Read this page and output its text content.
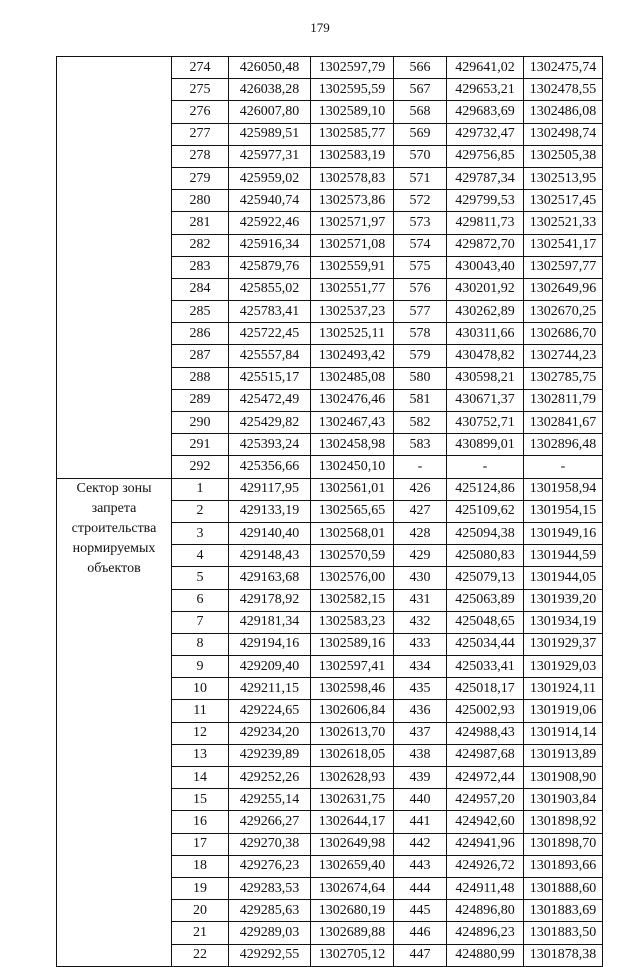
179
	274	426050,48	1302597,79	566	429641,02	1302475,74
	275	426038,28	1302595,59	567	429653,21	1302478,55
	276	426007,80	1302589,10	568	429683,69	1302486,08
	277	425989,51	1302585,77	569	429732,47	1302498,74
	278	425977,31	1302583,19	570	429756,85	1302505,38
	279	425959,02	1302578,83	571	429787,34	1302513,95
	280	425940,74	1302573,86	572	429799,53	1302517,45
	281	425922,46	1302571,97	573	429811,73	1302521,33
	282	425916,34	1302571,08	574	429872,70	1302541,17
	283	425879,76	1302559,91	575	430043,40	1302597,77
	284	425855,02	1302551,77	576	430201,92	1302649,96
	285	425783,41	1302537,23	577	430262,89	1302670,25
	286	425722,45	1302525,11	578	430311,66	1302686,70
	287	425557,84	1302493,42	579	430478,82	1302744,23
	288	425515,17	1302485,08	580	430598,21	1302785,75
	289	425472,49	1302476,46	581	430671,37	1302811,79
	290	425429,82	1302467,43	582	430752,71	1302841,67
	291	425393,24	1302458,98	583	430899,01	1302896,48
	292	425356,66	1302450,10	-	-	-

Сектор зоны
запрета
строительства
нормируемых
объектов	1	429117,95	1302561,01	426	425124,86	1301958,94
	2	429133,19	1302565,65	427	425109,62	1301954,15
	3	429140,40	1302568,01	428	425094,38	1301949,16
	4	429148,43	1302570,59	429	425080,83	1301944,59
	5	429163,68	1302576,00	430	425079,13	1301944,05
	6	429178,92	1302582,15	431	425063,89	1301939,20
	7	429181,34	1302583,23	432	425048,65	1301934,19
	8	429194,16	1302589,16	433	425034,44	1301929,37
	9	429209,40	1302597,41	434	425033,41	1301929,03
	10	429211,15	1302598,46	435	425018,17	1301924,11
	11	429224,65	1302606,84	436	425002,93	1301919,06
	12	429234,20	1302613,70	437	424988,43	1301914,14
	13	429239,89	1302618,05	438	424987,68	1301913,89
	14	429252,26	1302628,93	439	424972,44	1301908,90
	15	429255,14	1302631,75	440	424957,20	1301903,84
	16	429266,27	1302644,17	441	424942,60	1301898,92
	17	429270,38	1302649,98	442	424941,96	1301898,70
	18	429276,23	1302659,40	443	424926,72	1301893,66
	19	429283,53	1302674,64	444	424911,48	1301888,60
	20	429285,63	1302680,19	445	424896,80	1301883,69
	21	429289,03	1302689,88	446	424896,23	1301883,50
	22	429292,55	1302705,12	447	424880,99	1301878,38
